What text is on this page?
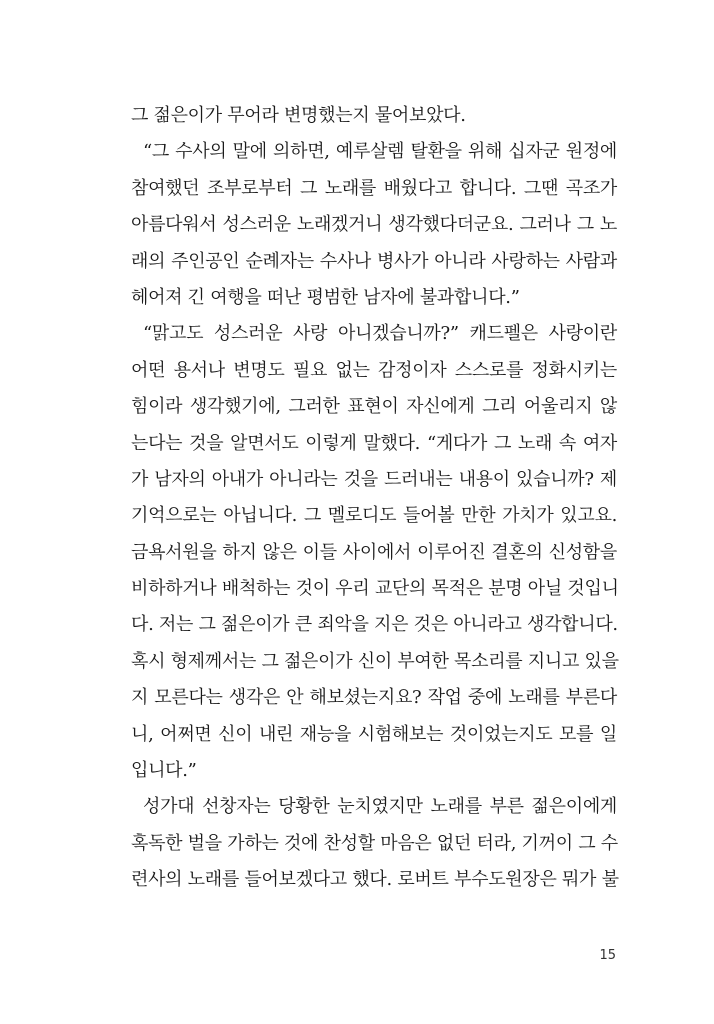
그 젊은이가 무어라 변명했는지 물어보았다.
“그 수사의 말에 의하면, 예루살렘 탈환을 위해 십자군 원정에
참여했던 조부로부터 그 노래를 배웠다고 합니다. 그땐 곡조가
아름다워서 성스러운 노래겠거니 생각했다더군요. 그러나 그 노
래의 주인공인 순례자는 수사나 병사가 아니라 사랑하는 사람과
헤어져 긴 여행을 떠난 평범한 남자에 불과합니다.”
“맑고도 성스러운 사랑 아니겠습니까?” 캐드펠은 사랑이란
어떤 용서나 변명도 필요 없는 감정이자 스스로를 정화시키는
힘이라 생각했기에, 그러한 표현이 자신에게 그리 어울리지 않
는다는 것을 알면서도 이렇게 말했다. “게다가 그 노래 속 여자
가 남자의 아내가 아니라는 것을 드러내는 내용이 있습니까? 제
기억으로는 아닙니다. 그 멜로디도 들어볼 만한 가치가 있고요.
금욕서원을 하지 않은 이들 사이에서 이루어진 결혼의 신성함을
비하하거나 배척하는 것이 우리 교단의 목적은 분명 아닐 것입니
다. 저는 그 젊은이가 큰 죄악을 지은 것은 아니라고 생각합니다.
혹시 형제께서는 그 젊은이가 신이 부여한 목소리를 지니고 있을
지 모른다는 생각은 안 해보셨는지요? 작업 중에 노래를 부른다
니, 어쩌면 신이 내린 재능을 시험해보는 것이었는지도 모를 일
입니다.”
성가대 선창자는 당황한 눈치였지만 노래를 부른 젊은이에게
혹독한 벌을 가하는 것에 찬성할 마음은 없던 터라, 기꺼이 그 수
련사의 노래를 들어보겠다고 했다. 로버트 부수도원장은 뭐가 불
15
